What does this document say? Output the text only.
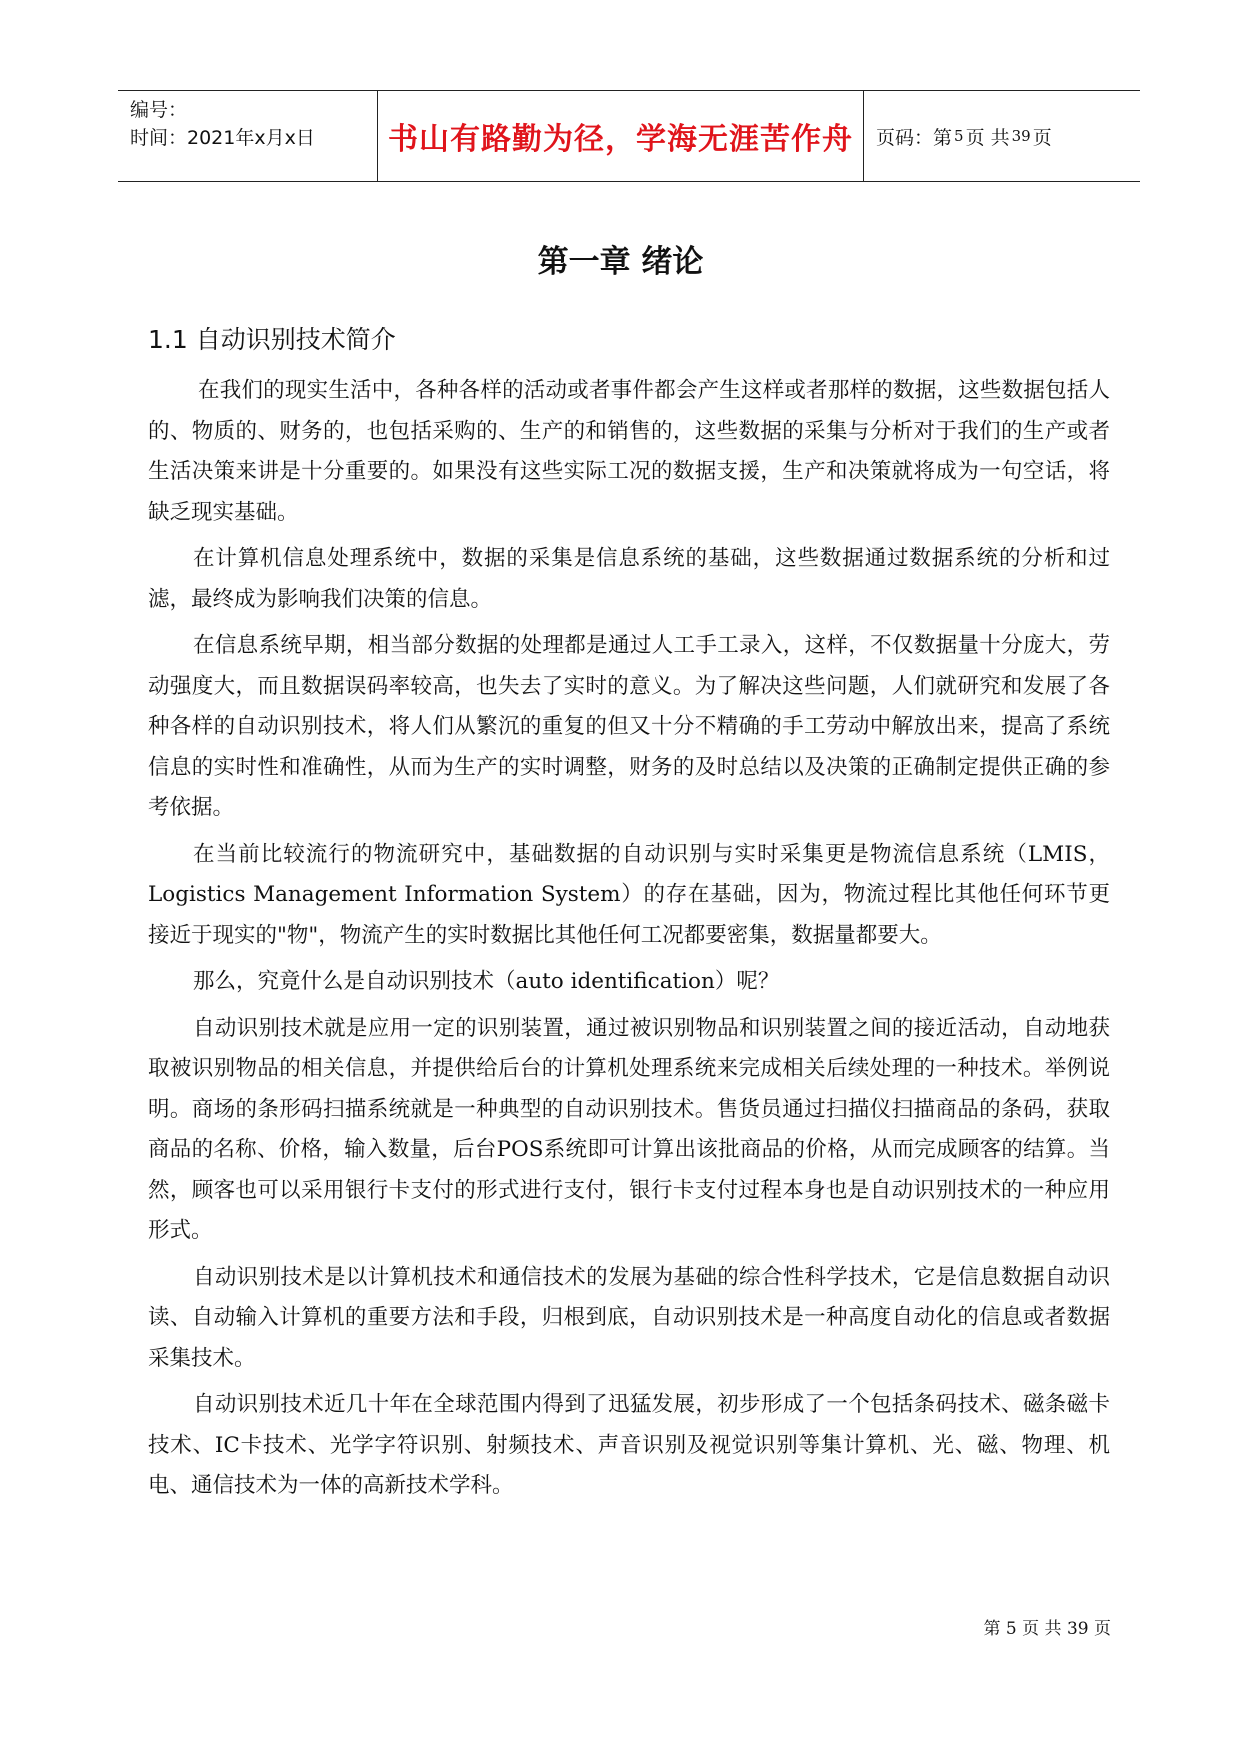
编号：
时间：2021年x月x日	书山有路勤为径，学海无涯苦作舟	页码：第 5 页 共 39 页
第一章 绪论
1.1 自动识别技术简介

在我们的现实生活中，各种各样的活动或者事件都会产生这样或者那样的数据，这些数据包括人的、物质的、财务的，也包括采购的、生产的和销售的，这些数据的采集与分析对于我们的生产或者生活决策来讲是十分重要的。如果没有这些实际工况的数据支援，生产和决策就将成为一句空话，将缺乏现实基础。

在计算机信息处理系统中，数据的采集是信息系统的基础，这些数据通过数据系统的分析和过滤，最终成为影响我们决策的信息。

在信息系统早期，相当部分数据的处理都是通过人工手工录入，这样，不仅数据量十分庞大，劳动强度大，而且数据误码率较高，也失去了实时的意义。为了解决这些问题，人们就研究和发展了各种各样的自动识别技术，将人们从繁沉的重复的但又十分不精确的手工劳动中解放出来，提高了系统信息的实时性和准确性，从而为生产的实时调整，财务的及时总结以及决策的正确制定提供正确的参考依据。

在当前比较流行的物流研究中，基础数据的自动识别与实时采集更是物流信息系统（LMIS，Logistics Management Information System）的存在基础，因为，物流过程比其他任何环节更接近于现实的"物"，物流产生的实时数据比其他任何工况都要密集，数据量都要大。

那么，究竟什么是自动识别技术（auto identification）呢？

自动识别技术就是应用一定的识别装置，通过被识别物品和识别装置之间的接近活动，自动地获取被识别物品的相关信息，并提供给后台的计算机处理系统来完成相关后续处理的一种技术。举例说明。商场的条形码扫描系统就是一种典型的自动识别技术。售货员通过扫描仪扫描商品的条码，获取商品的名称、价格，输入数量，后台POS系统即可计算出该批商品的价格，从而完成顾客的结算。当然，顾客也可以采用银行卡支付的形式进行支付，银行卡支付过程本身也是自动识别技术的一种应用形式。

自动识别技术是以计算机技术和通信技术的发展为基础的综合性科学技术，它是信息数据自动识读、自动输入计算机的重要方法和手段，归根到底，自动识别技术是一种高度自动化的信息或者数据采集技术。

自动识别技术近几十年在全球范围内得到了迅猛发展，初步形成了一个包括条码技术、磁条磁卡技术、IC卡技术、光学字符识别、射频技术、声音识别及视觉识别等集计算机、光、磁、物理、机电、通信技术为一体的高新技术学科。

第 5 页 共 39 页
